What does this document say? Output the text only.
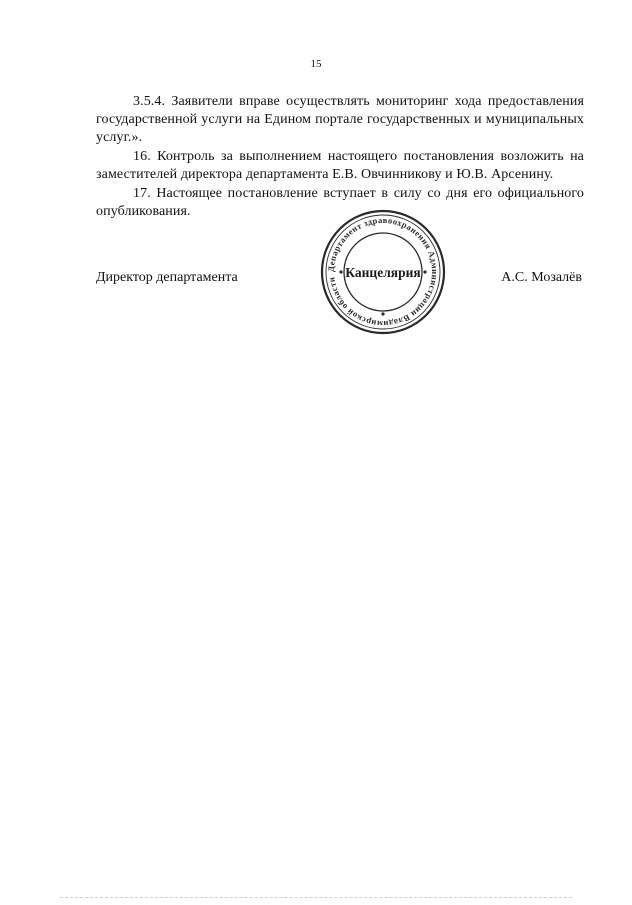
15
3.5.4. Заявители вправе осуществлять мониторинг хода предоставления государственной услуги на Едином портале государственных и муниципальных услуг.».
16. Контроль за выполнением настоящего постановления возложить на заместителей директора департамента Е.В. Овчинникову и Ю.В. Арсенину.
17. Настоящее постановление вступает в силу со дня его официального опубликования.
Директор департамента
Департамент здравоохранения Администрации Владимирской области Канцелярия	А.С. Мозалёв
